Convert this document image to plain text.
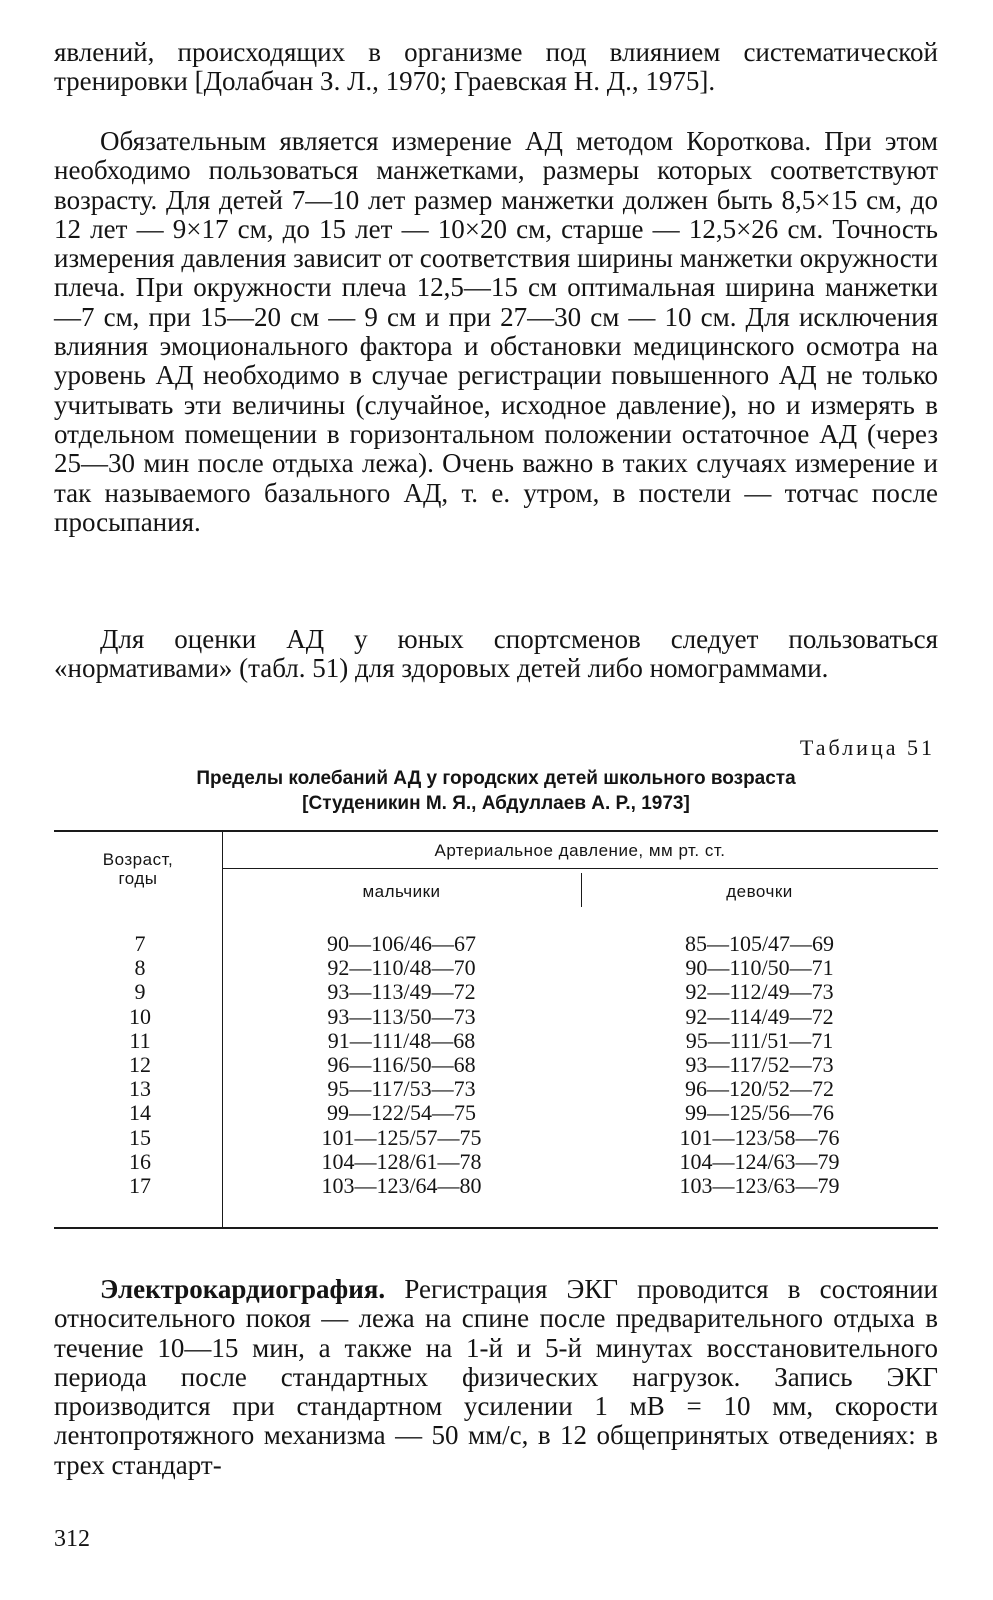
явлений, происходящих в организме под влиянием систематической тренировки [Долабчан З. Л., 1970; Граевская Н. Д., 1975].

Обязательным является измерение АД методом Короткова. При этом необходимо пользоваться манжетками, размеры которых соответствуют возрасту. Для детей 7—10 лет размер манжетки должен быть 8,5×15 см, до 12 лет — 9×17 см, до 15 лет — 10×20 см, старше — 12,5×26 см. Точность измерения давления зависит от соответствия ширины манжетки окружности плеча. При окружности плеча 12,5—15 см оптимальная ширина манжетки—7 см, при 15—20 см — 9 см и при 27—30 см — 10 см. Для исключения влияния эмоционального фактора и обстановки медицинского осмотра на уровень АД необходимо в случае регистрации повышенного АД не только учитывать эти величины (случайное, исходное давление), но и измерять в отдельном помещении в горизонтальном положении остаточное АД (через 25—30 мин после отдыха лежа). Очень важно в таких случаях измерение и так называемого базального АД, т. е. утром, в постели — тотчас после просыпания.

Для оценки АД у юных спортсменов следует пользоваться «нормативами» (табл. 51) для здоровых детей либо номограммами.

Таблица 51

Пределы колебаний АД у городских детей школьного возраста
[Студеникин М. Я., Абдуллаев А. Р., 1973]
Возраст,
годы

Артериальное давление, мм рт. ст.

мальчики	девочки

7
8
9
10
11
12
13
14
15
16
17
90—106/46—67
92—110/48—70
93—113/49—72
93—113/50—73
91—111/48—68
96—116/50—68
95—117/53—73
99—122/54—75
101—125/57—75
104—128/61—78
103—123/64—80
85—105/47—69
90—110/50—71
92—112/49—73
92—114/49—72
95—111/51—71
93—117/52—73
96—120/52—72
99—125/56—76
101—123/58—76
104—124/63—79
103—123/63—79

Электрокардиография. Регистрация ЭКГ проводится в состоянии относительного покоя — лежа на спине после предварительного отдыха в течение 10—15 мин, а также на 1-й и 5-й минутах восстановительного периода после стандартных физических нагрузок. Запись ЭКГ производится при стандартном усилении 1 мВ = 10 мм, скорости лентопротяжного механизма — 50 мм/с, в 12 общепринятых отведениях: в трех стандарт-

312
